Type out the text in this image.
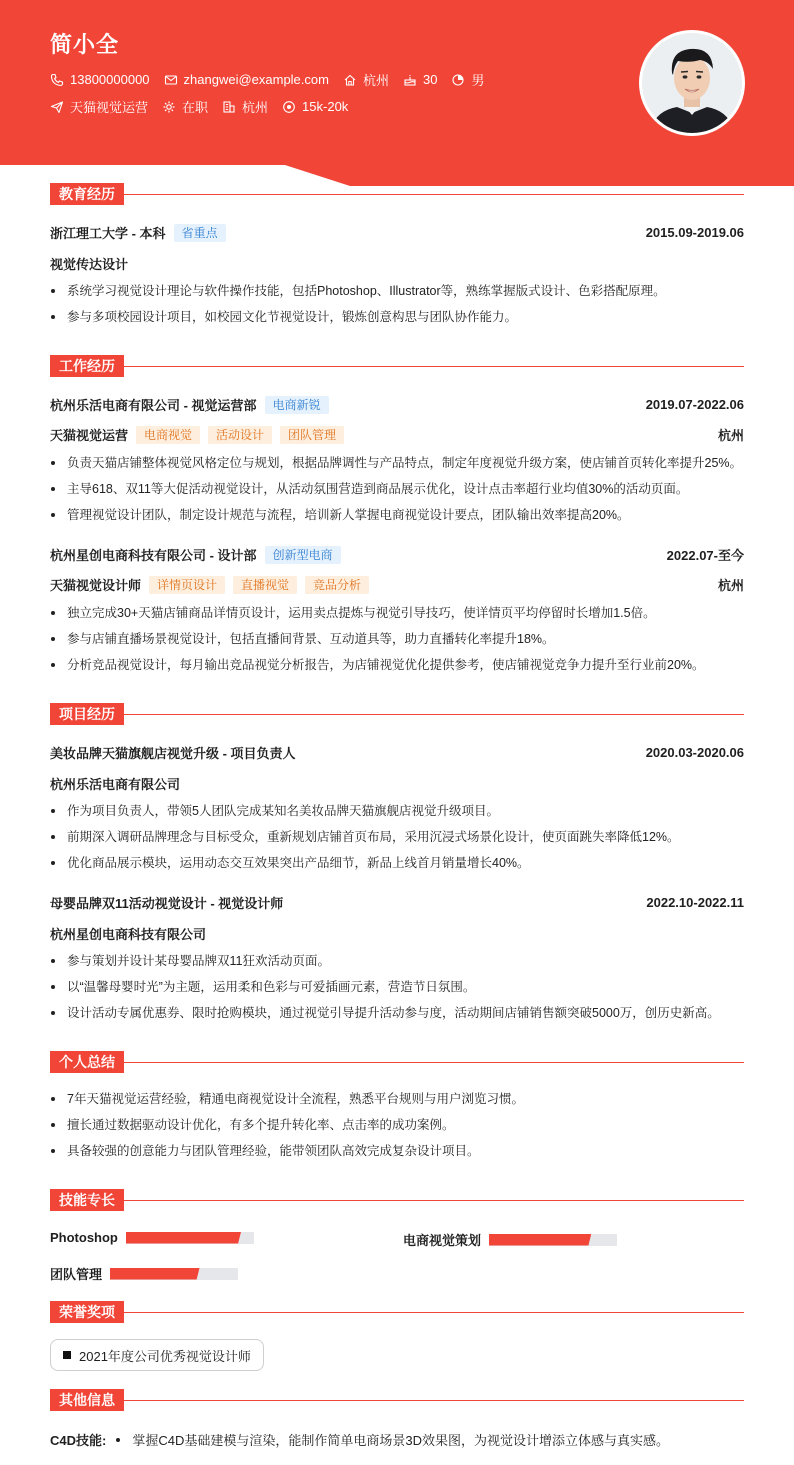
简小全
13800000000	zhangwei@example.com	杭州	30	男
天猫视觉运营	在职	杭州	15k-20k
教育经历
浙江理工大学 - 本科	省重点	2015.09-2019.06
视觉传达设计
系统学习视觉设计理论与软件操作技能，包括Photoshop、Illustrator等，熟练掌握版式设计、色彩搭配原理。
参与多项校园设计项目，如校园文化节视觉设计，锻炼创意构思与团队协作能力。
工作经历
杭州乐活电商有限公司 - 视觉运营部	电商新锐	2019.07-2022.06
天猫视觉运营	电商视觉	活动设计	团队管理	杭州
负责天猫店铺整体视觉风格定位与规划，根据品牌调性与产品特点，制定年度视觉升级方案，使店铺首页转化率提升25%。
主导618、双11等大促活动视觉设计，从活动氛围营造到商品展示优化，设计点击率超行业均值30%的活动页面。
管理视觉设计团队，制定设计规范与流程，培训新人掌握电商视觉设计要点，团队输出效率提高20%。
杭州星创电商科技有限公司 - 设计部	创新型电商	2022.07-至今
天猫视觉设计师	详情页设计	直播视觉	竞品分析	杭州
独立完成30+天猫店铺商品详情页设计，运用卖点提炼与视觉引导技巧，使详情页平均停留时长增加1.5倍。
参与店铺直播场景视觉设计，包括直播间背景、互动道具等，助力直播转化率提升18%。
分析竞品视觉设计，每月输出竞品视觉分析报告，为店铺视觉优化提供参考，使店铺视觉竞争力提升至行业前20%。
项目经历
美妆品牌天猫旗舰店视觉升级 - 项目负责人	2020.03-2020.06
杭州乐活电商有限公司
作为项目负责人，带领5人团队完成某知名美妆品牌天猫旗舰店视觉升级项目。
前期深入调研品牌理念与目标受众，重新规划店铺首页布局，采用沉浸式场景化设计，使页面跳失率降低12%。
优化商品展示模块，运用动态交互效果突出产品细节，新品上线首月销量增长40%。
母婴品牌双11活动视觉设计 - 视觉设计师	2022.10-2022.11
杭州星创电商科技有限公司
参与策划并设计某母婴品牌双11狂欢活动页面。
以“温馨母婴时光”为主题，运用柔和色彩与可爱插画元素，营造节日氛围。
设计活动专属优惠券、限时抢购模块，通过视觉引导提升活动参与度，活动期间店铺销售额突破5000万，创历史新高。
个人总结
7年天猫视觉运营经验，精通电商视觉设计全流程，熟悉平台规则与用户浏览习惯。
擅长通过数据驱动设计优化，有多个提升转化率、点击率的成功案例。
具备较强的创意能力与团队管理经验，能带领团队高效完成复杂设计项目。
技能专长
Photoshop	电商视觉策划
团队管理
荣誉奖项
2021年度公司优秀视觉设计师
其他信息
C4D技能: 掌握C4D基础建模与渲染，能制作简单电商场景3D效果图，为视觉设计增添立体感与真实感。
